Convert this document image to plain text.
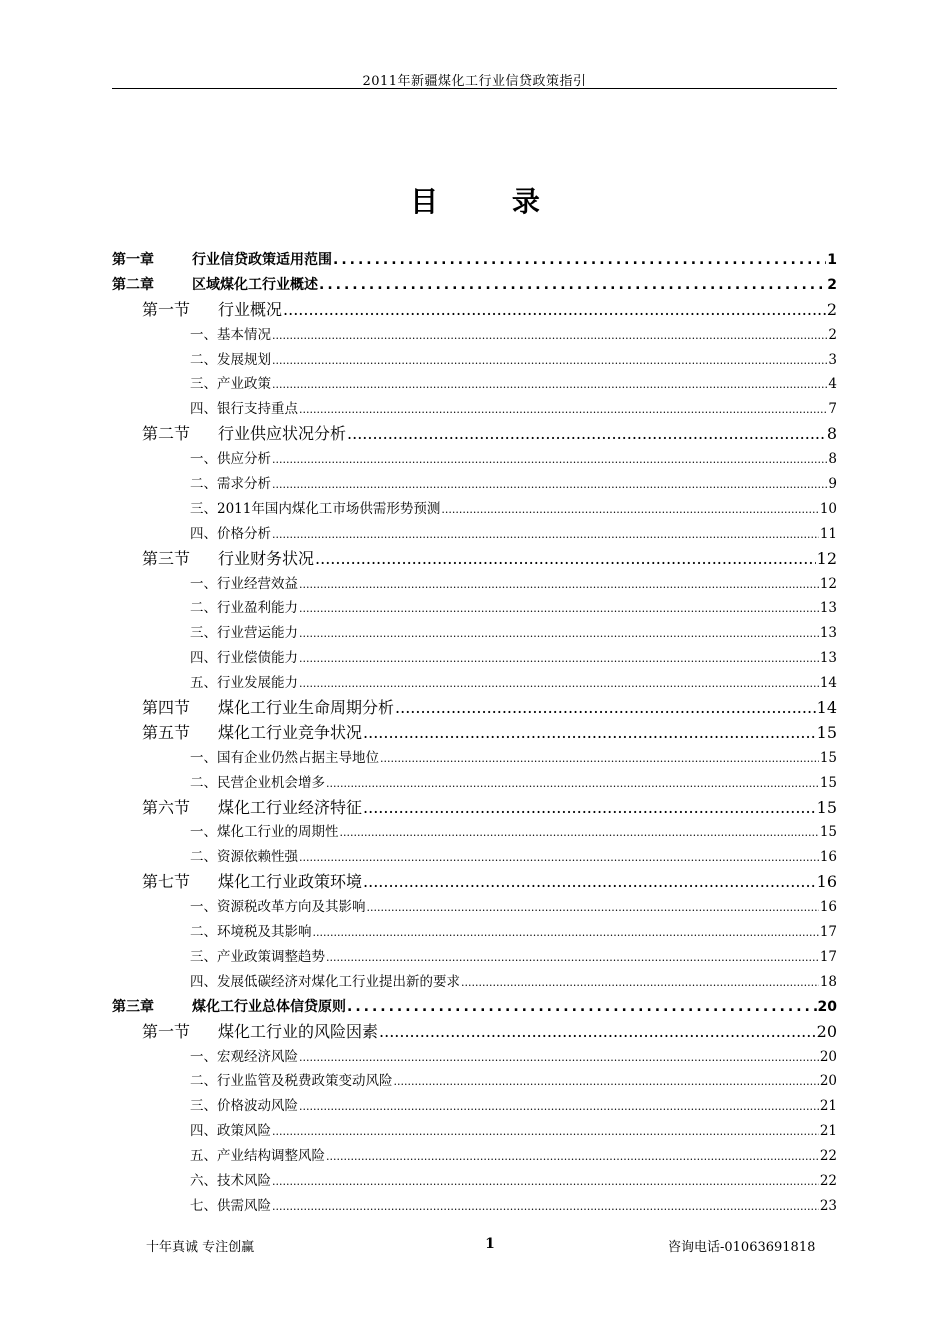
2011年新疆煤化工行业信贷政策指引
目 录
第一章	行业信贷政策适用范围 .....	1
第二章	区域煤化工行业概述 .....	2
第一节 行业概况 .....	2
一、基本情况 .....	2
二、发展规划 .....	3
三、产业政策 .....	4
四、银行支持重点 .....	7
第二节 行业供应状况分析 .....	8
一、供应分析 .....	8
二、需求分析 .....	9
三、2011年国内煤化工市场供需形势预测 .....	10
四、价格分析 .....	11
第三节 行业财务状况 .....	12
一、行业经营效益 .....	12
二、行业盈利能力 .....	13
三、行业营运能力 .....	13
四、行业偿债能力 .....	13
五、行业发展能力 .....	14
第四节 煤化工行业生命周期分析 .....	14
第五节 煤化工行业竞争状况 .....	15
一、国有企业仍然占据主导地位 .....	15
二、民营企业机会增多 .....	15
第六节 煤化工行业经济特征 .....	15
一、煤化工行业的周期性 .....	15
二、资源依赖性强 .....	16
第七节 煤化工行业政策环境 .....	16
一、资源税改革方向及其影响 .....	16
二、环境税及其影响 .....	17
三、产业政策调整趋势 .....	17
四、发展低碳经济对煤化工行业提出新的要求 .....	18
第三章	煤化工行业总体信贷原则 .....	20
第一节 煤化工行业的风险因素 .....	20
一、宏观经济风险 .....	20
二、行业监管及税费政策变动风险 .....	20
三、价格波动风险 .....	21
四、政策风险 .....	21
五、产业结构调整风险 .....	22
六、技术风险 .....	22
七、供需风险 .....	23
十年真诚 专注创赢	1	咨询电话-01063691818
